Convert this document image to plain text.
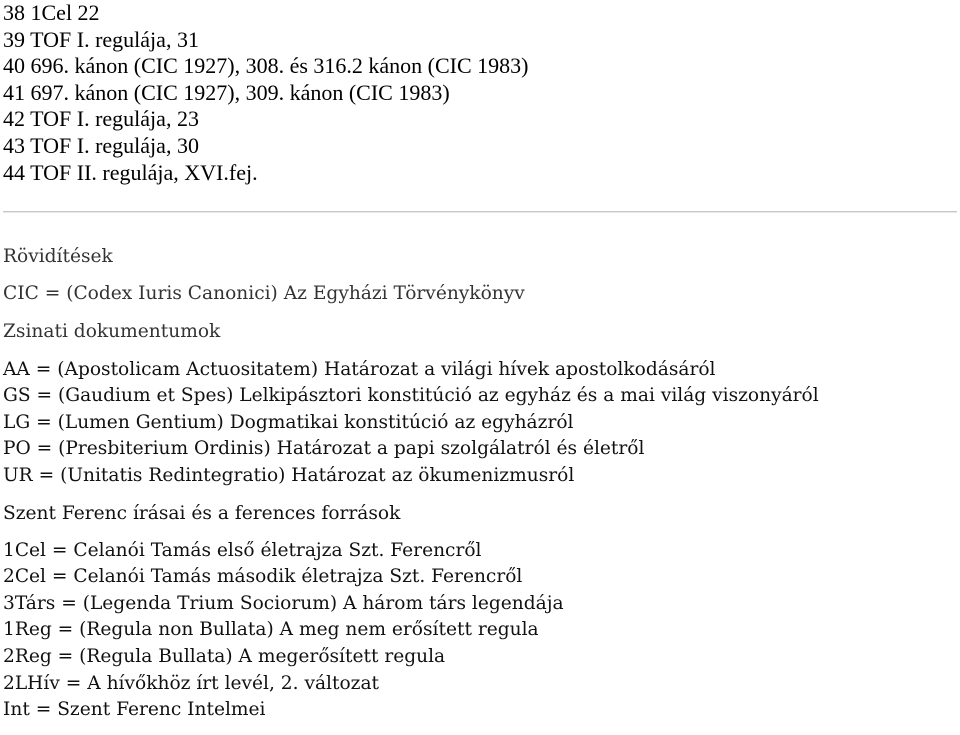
38 1Cel 22
39 TOF I. regulája, 31
40 696. kánon (CIC 1927), 308. és 316.2 kánon (CIC 1983)
41 697. kánon (CIC 1927), 309. kánon (CIC 1983)
42 TOF I. regulája, 23
43 TOF I. regulája, 30
44 TOF II. regulája, XVI.fej.
Rövidítések
CIC = (Codex Iuris Canonici) Az Egyházi Törvénykönyv
Zsinati dokumentumok
AA = (Apostolicam Actuositatem) Határozat a világi hívek apostolkodásáról
GS = (Gaudium et Spes) Lelkipásztori konstitúció az egyház és a mai világ viszonyáról
LG = (Lumen Gentium) Dogmatikai konstitúció az egyházról
PO = (Presbiterium Ordinis) Határozat a papi szolgálatról és életről
UR = (Unitatis Redintegratio) Határozat az ökumenizmusról
Szent Ferenc írásai és a ferences források
1Cel = Celanói Tamás első életrajza Szt. Ferencről
2Cel = Celanói Tamás második életrajza Szt. Ferencről
3Társ = (Legenda Trium Sociorum) A három társ legendája
1Reg = (Regula non Bullata) A meg nem erősített regula
2Reg = (Regula Bullata) A megerősített regula
2LHív = A hívőkhöz írt levél, 2. változat
Int = Szent Ferenc Intelmei
